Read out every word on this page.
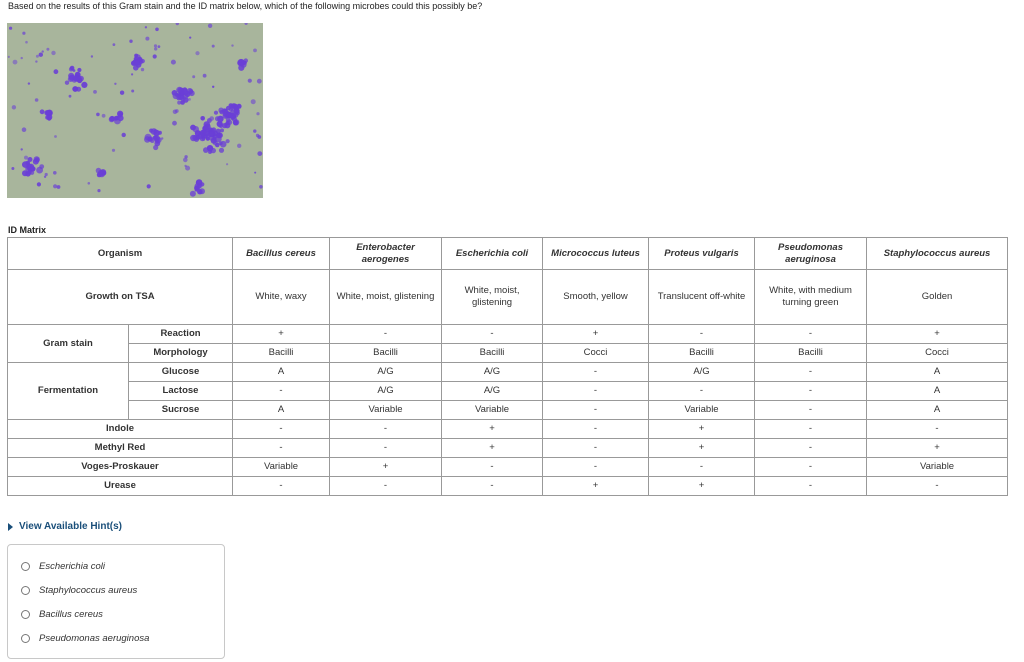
Based on the results of this Gram stain and the ID matrix below, which of the following microbes could this possibly be?
ID Matrix
Organism		Bacillus cereus	Enterobacter aerogenes	Escherichia coli	Micrococcus luteus	Proteus vulgaris	Pseudomonas aeruginosa	Staphylococcus aureus
Growth on TSA		White, waxy	White, moist, glistening	White, moist, glistening	Smooth, yellow	Translucent off-white	White, with medium turning green	Golden
Gram stain	Reaction	+	-	-	+	-	-	+
	Morphology	Bacilli	Bacilli	Bacilli	Cocci	Bacilli	Bacilli	Cocci
Fermentation	Glucose	A	A/G	A/G	-	A/G	-	A
	Lactose	-	A/G	A/G	-	-	-	A
	Sucrose	A	Variable	Variable	-	Variable	-	A
Indole		-	-	+	-	+	-	-
Methyl Red		-	-	+	-	+	-	+
Voges-Proskauer		Variable	+	-	-	-	-	Variable
Urease		-	-	-	+	+	-	-
View Available Hint(s)
Escherichia coli
Staphylococcus aureus
Bacillus cereus
Pseudomonas aeruginosa
